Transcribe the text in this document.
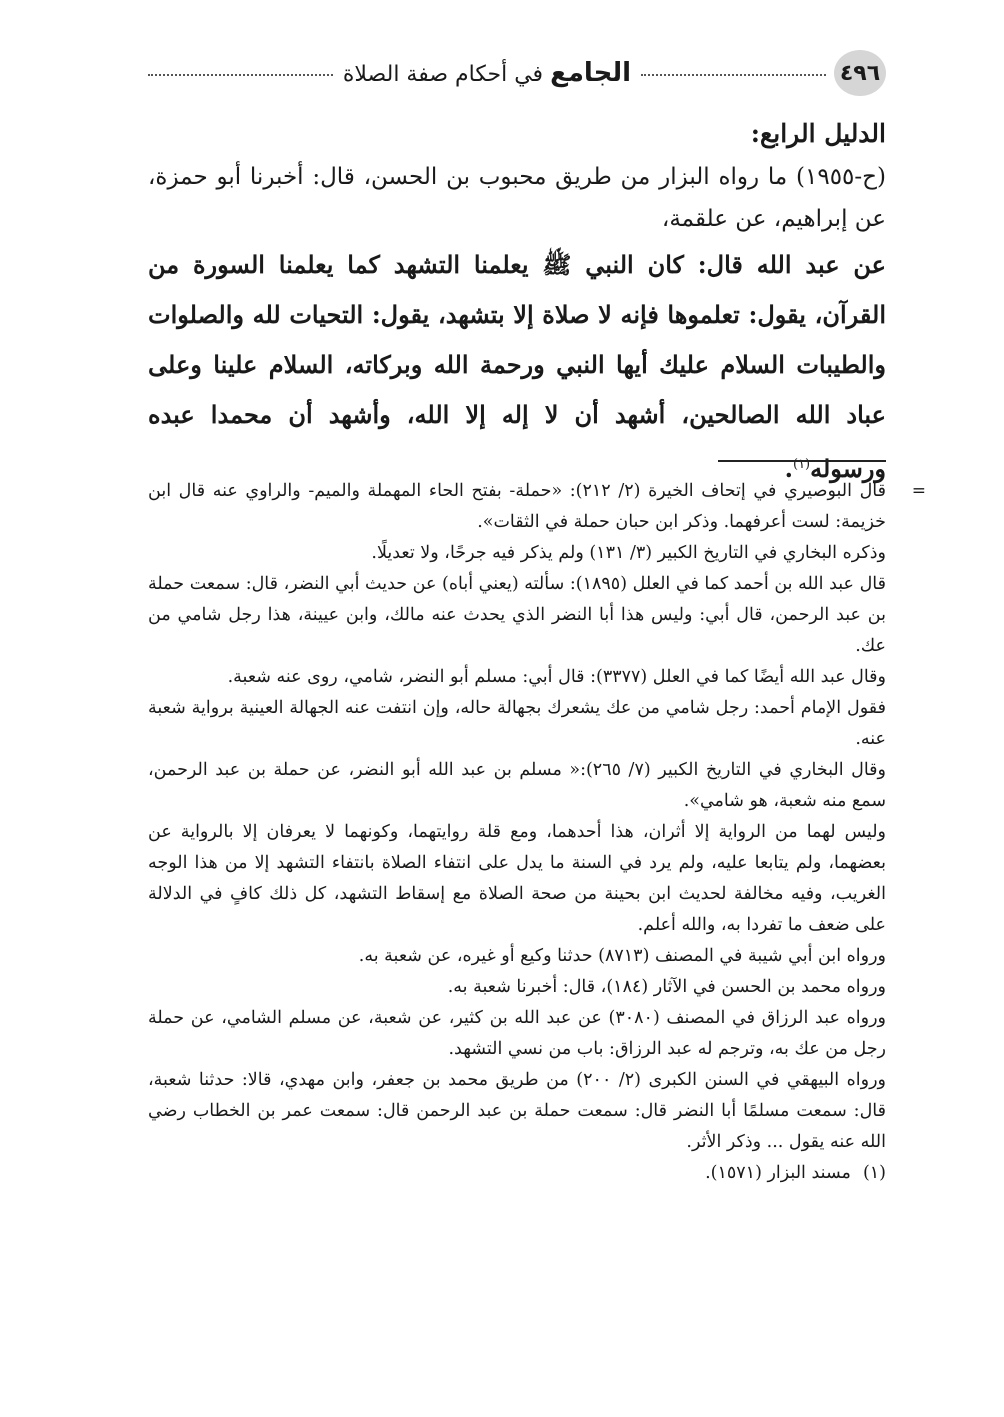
٤٩٦
الجامع في أحكام صفة الصلاة

الدليل الرابع:

(ح-١٩٥٥) ما رواه البزار من طريق محبوب بن الحسن، قال: أخبرنا أبو حمزة، عن إبراهيم، عن علقمة،

عن عبد الله قال: كان النبي ﷺ يعلمنا التشهد كما يعلمنا السورة من القرآن، يقول: تعلموها فإنه لا صلاة إلا بتشهد، يقول: التحيات لله والصلوات والطيبات السلام عليك أيها النبي ورحمة الله وبركاته، السلام علينا وعلى عباد الله الصالحين، أشهد أن لا إله إلا الله، وأشهد أن محمدا عبده ورسوله$^{(١)}$.

=

قال البوصيري في إتحاف الخيرة (٢/ ٢١٢): «حملة- بفتح الحاء المهملة والميم- والراوي عنه قال ابن خزيمة: لست أعرفهما. وذكر ابن حبان حملة في الثقات».

وذكره البخاري في التاريخ الكبير (٣/ ١٣١) ولم يذكر فيه جرحًا، ولا تعديلًا.

قال عبد الله بن أحمد كما في العلل (١٨٩٥): سألته (يعني أباه) عن حديث أبي النضر، قال: سمعت حملة بن عبد الرحمن، قال أبي: وليس هذا أبا النضر الذي يحدث عنه مالك، وابن عيينة، هذا رجل شامي من عك.

وقال عبد الله أيضًا كما في العلل (٣٣٧٧): قال أبي: مسلم أبو النضر، شامي، روى عنه شعبة.

فقول الإمام أحمد: رجل شامي من عك يشعرك بجهالة حاله، وإن انتفت عنه الجهالة العينية برواية شعبة عنه.

وقال البخاري في التاريخ الكبير (٧/ ٢٦٥):« مسلم بن عبد الله أبو النضر، عن حملة بن عبد الرحمن، سمع منه شعبة، هو شامي».

وليس لهما من الرواية إلا أثران، هذا أحدهما، ومع قلة روايتهما، وكونهما لا يعرفان إلا بالرواية عن بعضهما، ولم يتابعا عليه، ولم يرد في السنة ما يدل على انتفاء الصلاة بانتفاء التشهد إلا من هذا الوجه الغريب، وفيه مخالفة لحديث ابن بحينة من صحة الصلاة مع إسقاط التشهد، كل ذلك كافٍ في الدلالة على ضعف ما تفردا به، والله أعلم.

ورواه ابن أبي شيبة في المصنف (٨٧١٣) حدثنا وكيع أو غيره، عن شعبة به.

ورواه محمد بن الحسن في الآثار (١٨٤)، قال: أخبرنا شعبة به.

ورواه عبد الرزاق في المصنف (٣٠٨٠) عن عبد الله بن كثير، عن شعبة، عن مسلم الشامي، عن حملة رجل من عك به، وترجم له عبد الرزاق: باب من نسي التشهد.

ورواه البيهقي في السنن الكبرى (٢/ ٢٠٠) من طريق محمد بن جعفر، وابن مهدي، قالا: حدثنا شعبة، قال: سمعت مسلمًا أبا النضر قال: سمعت حملة بن عبد الرحمن قال: سمعت عمر بن الخطاب رضي الله عنه يقول ... وذكر الأثر.

(١)
مسند البزار (١٥٧١).
